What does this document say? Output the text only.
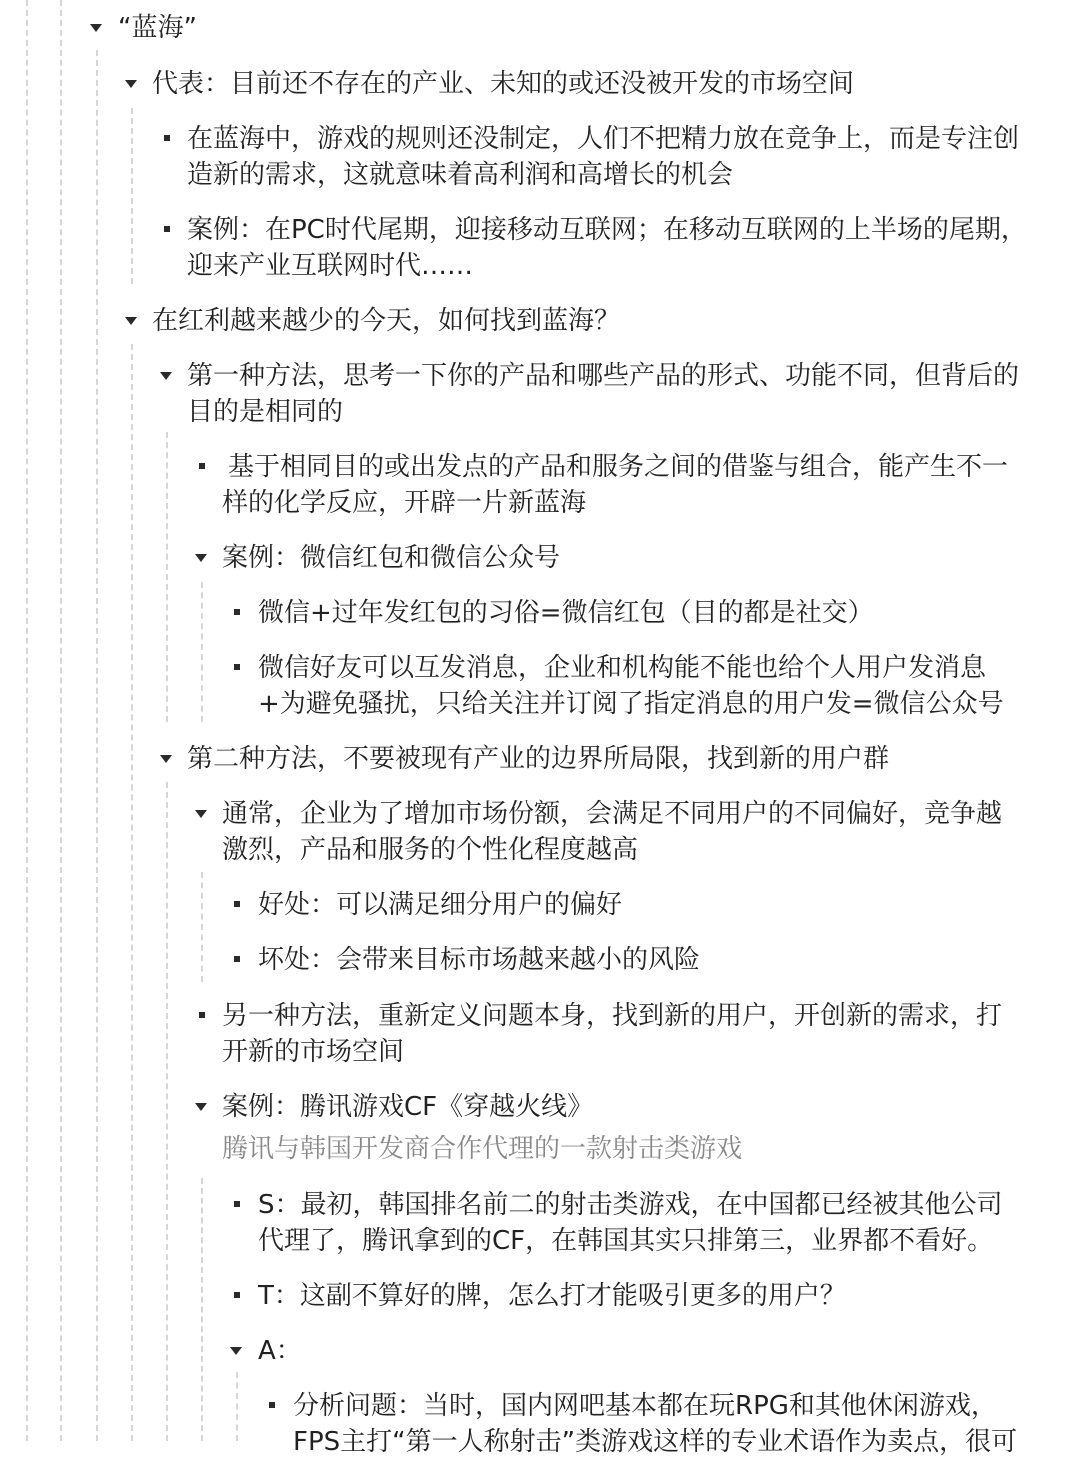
“蓝海”
代表：目前还不存在的产业、未知的或还没被开发的市场空间
在蓝海中，游戏的规则还没制定，人们不把精力放在竞争上，而是专注创
造新的需求，这就意味着高利润和高增长的机会
案例：在PC时代尾期，迎接移动互联网；在移动互联网的上半场的尾期，
迎来产业互联网时代……
在红利越来越少的今天，如何找到蓝海？
第一种方法，思考一下你的产品和哪些产品的形式、功能不同，但背后的
目的是相同的
基于相同目的或出发点的产品和服务之间的借鉴与组合，能产生不一
样的化学反应，开辟一片新蓝海
案例：微信红包和微信公众号
微信+过年发红包的习俗=微信红包（目的都是社交）
微信好友可以互发消息，企业和机构能不能也给个人用户发消息
+为避免骚扰，只给关注并订阅了指定消息的用户发=微信公众号
第二种方法，不要被现有产业的边界所局限，找到新的用户群
通常，企业为了增加市场份额，会满足不同用户的不同偏好，竞争越
激烈，产品和服务的个性化程度越高
好处：可以满足细分用户的偏好
坏处：会带来目标市场越来越小的风险
另一种方法，重新定义问题本身，找到新的用户，开创新的需求，打
开新的市场空间
案例：腾讯游戏CF《穿越火线》
腾讯与韩国开发商合作代理的一款射击类游戏
S：最初，韩国排名前二的射击类游戏，在中国都已经被其他公司
代理了，腾讯拿到的CF，在韩国其实只排第三，业界都不看好。
T：这副不算好的牌，怎么打才能吸引更多的用户？
A：
分析问题：当时，国内网吧基本都在玩RPG和其他休闲游戏，
FPS主打“第一人称射击”类游戏这样的专业术语作为卖点，很可
